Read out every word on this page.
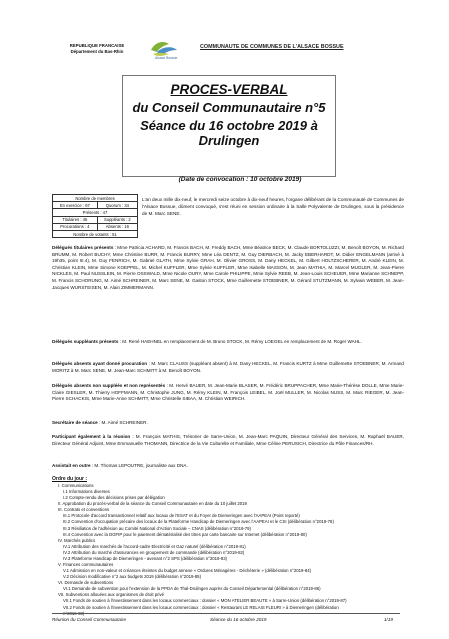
REPUBLIQUE FRANCAISE
Département du Bas-Rhin
Alsace Bossue
COMMUNAUTE DE COMMUNES DE L'ALSACE BOSSUE
PROCES-VERBAL
du Conseil Communautaire n°5
Séance du 16 octobre 2019 à Drulingen
(Date de convocation : 10 octobre 2019)
Nombre de membres	
En exercice : 67	Quorum : 34
Présents : 47	
Titulaires : 45	Suppléants : 2
Procurations : 4	Absents : 16
Nombre de votants : 51	
L'an deux mille dix-neuf, le mercredi seize octobre à dix-neuf heures, l'organe délibérant de la Communauté de Communes de l'Alsace Bossue, dûment convoqué, s'est réuni en session ordinaire à la Salle Polyvalente de Drulingen, sous la présidence de M. Marc SENE.
Délégués titulaires présents : Mme Patricia ACHARD, M. Francis BACH, M. Freddy BACH, Mme Béatrice BECK, M. Claude BORTOLUZZI, M. Benoît BOYON, M. Richard BRUMM, M. Robert BUCHY, Mme Christine BURR, M. Francis BURRY, Mme Léa DENTZ, M. Guy DIERBACH, M. Jacky EBERHARDT, M. Didier ENGELMANN (arrivé à 19h35, point III.4), M. Guy FENRICH, M. Gabriel GLATH, Mme Sylvie GRAH, M. Olivier GROSS, M. Dany HECKEL, M. Gilbert HOLTZSCHERER, M. André KLEIN, M. Christian KLEIN, Mme Simone KOEPPEL, M. Michel KUFFLER, Mme Sylvie KUFFLER, Mme Isabelle MASSON, M. Jean MATHIA, M. Marcel MUGLER, M. Jean-Pierre NICKLES, M. Paul NUSSLEIN, M. Pierre OSSWALD, Mme Nicole OURY, Mme Carole PHILIPPE, Mme Sylvie REEB, M. Jean-Louis SCHEUER, Mme Marianne SCHNEPP, M. Francis SCHORUNG, M. Aimé SCHREINER, M. Marc SENE, M. Gaston STOCK, Mme Guillemette STOEBNER, M. Gérard STUTZMANN, M. Sylvain WEBER, M. Jean-Jacques WURSTEISEN, M. Alain ZIMMERMANN.
Délégués suppléants présents : M. René HAEHNEL en remplacement de M. Bruno STOCK, M. Rémy LOEGEL en remplacement de M. Roger WAHL.
Délégués absents ayant donné procuration : M. Marc CLAUSS (suppléant absent) à M. Dany HECKEL, M. Francis KURTZ à Mme Guillemette STOEBNER, M. Armand MORITZ à M. Marc SENE, M. Jean-Marc SCHMITT à M. Benoît BOYON.
Délégués absents non suppléés et non représentés : M. Hervé BAUER, M. Jean-Marie BLASER, M. Frédéric BRUPPACHER, Mme Marie-Thérèse DOLLE, Mme Marie-Claire GIESLER, M. Thierry HOFFMANN, M. Christophe JUNG, M. Rémy KLEIN, M. François LEIBEL, M. Joël MULLER, M. Nicolas NUSS, M. Marc RIEGER, M. Jean-Pierre SCHACKIS, Mme Marie-Anne SCHMITT, Mme Christelle SIBAA, M. Christian WEIRICH.
Secrétaire de séance : M. Aimé SCHREINER.
Participant également à la réunion : M. François MATHIS, Trésorier de Sarre-Union, M. Jean-Marc PAQUIN, Directeur Général des Services, M. Raphaël BAUER, Directeur Général Adjoint, Mme Emmanuelle THOMANN, Directrice de la Vie Culturelle et Familiale, Mme Céline PERUSICH, Directrice du Pôle Finances/RH.
Assistait en outre : M. Thomas LEPOUTRE, journaliste aux DNA.
Ordre du jour :
I. Communications
I.1 Informations diverses
I.2 Compte-rendu des décisions prises par délégation
II. Approbation du procès-verbal de la séance du Conseil Communautaire en date du 10 juillet 2019
III. Contrats et conventions
III.1 Protocole d'accord transactionnel relatif aux locaux de l'ESAT et du Foyer de Diemeringen avec l'AAPEAI (Point reporté)
III.2 Convention d'occupation précaire des locaux de la Plateforme Handicap de Diemeringen avec l'AAPEAI et le CSI (délibération n°2019-78)
III.3 Résiliation de l'adhésion au Comité National d'Action Sociale – CNAS (délibération n°2019-79)
III.4 Convention avec la DGFIP pour le paiement dématérialisé des titres par carte bancaire sur Internet (délibération n°2019-80)
IV. Marchés publics
IV.1 Attribution des marchés de l'accord-cadre Electricité et Gaz naturel (délibération n°2019-81)
IV.2 Attribution du marché d'assurances en groupement de commande (délibération n°2019-82)
IV.3 Plateforme Handicap de Diemeringen - avenant n°2 SPS (délibération n°2019-83)
V. Finances communautaires
V.1 Admission en non-valeur et créances éteintes du budget annexe « Ordures Ménagères - Déchèterie » (délibération n°2019-84)
V.2 Décision modificative n°2 aux budgets 2019 (délibération n°2019-85)
VI. Demande de subventions
VI.1 Demande de subvention pour l'extension de la PPDA de Thal-Drulingen auprès du Conseil Départemental (délibération n°2019-86)
VII. Subventions allouées aux organismes de droit privé
VII.1 Fonds de soutien à l'investissement dans les locaux commerciaux : dossier « MON ATELIER BEAUTE » à Sarre-Union (délibération n°2019-87)
VII.2 Fonds de soutien à l'investissement dans les locaux commerciaux : dossier « Restaurant LE RELAIS FLEURI » à Diemeringen (délibération
n°2019-88)
Réunion du Conseil Communautaire	Séance du 16 octobre 2019	1/19
